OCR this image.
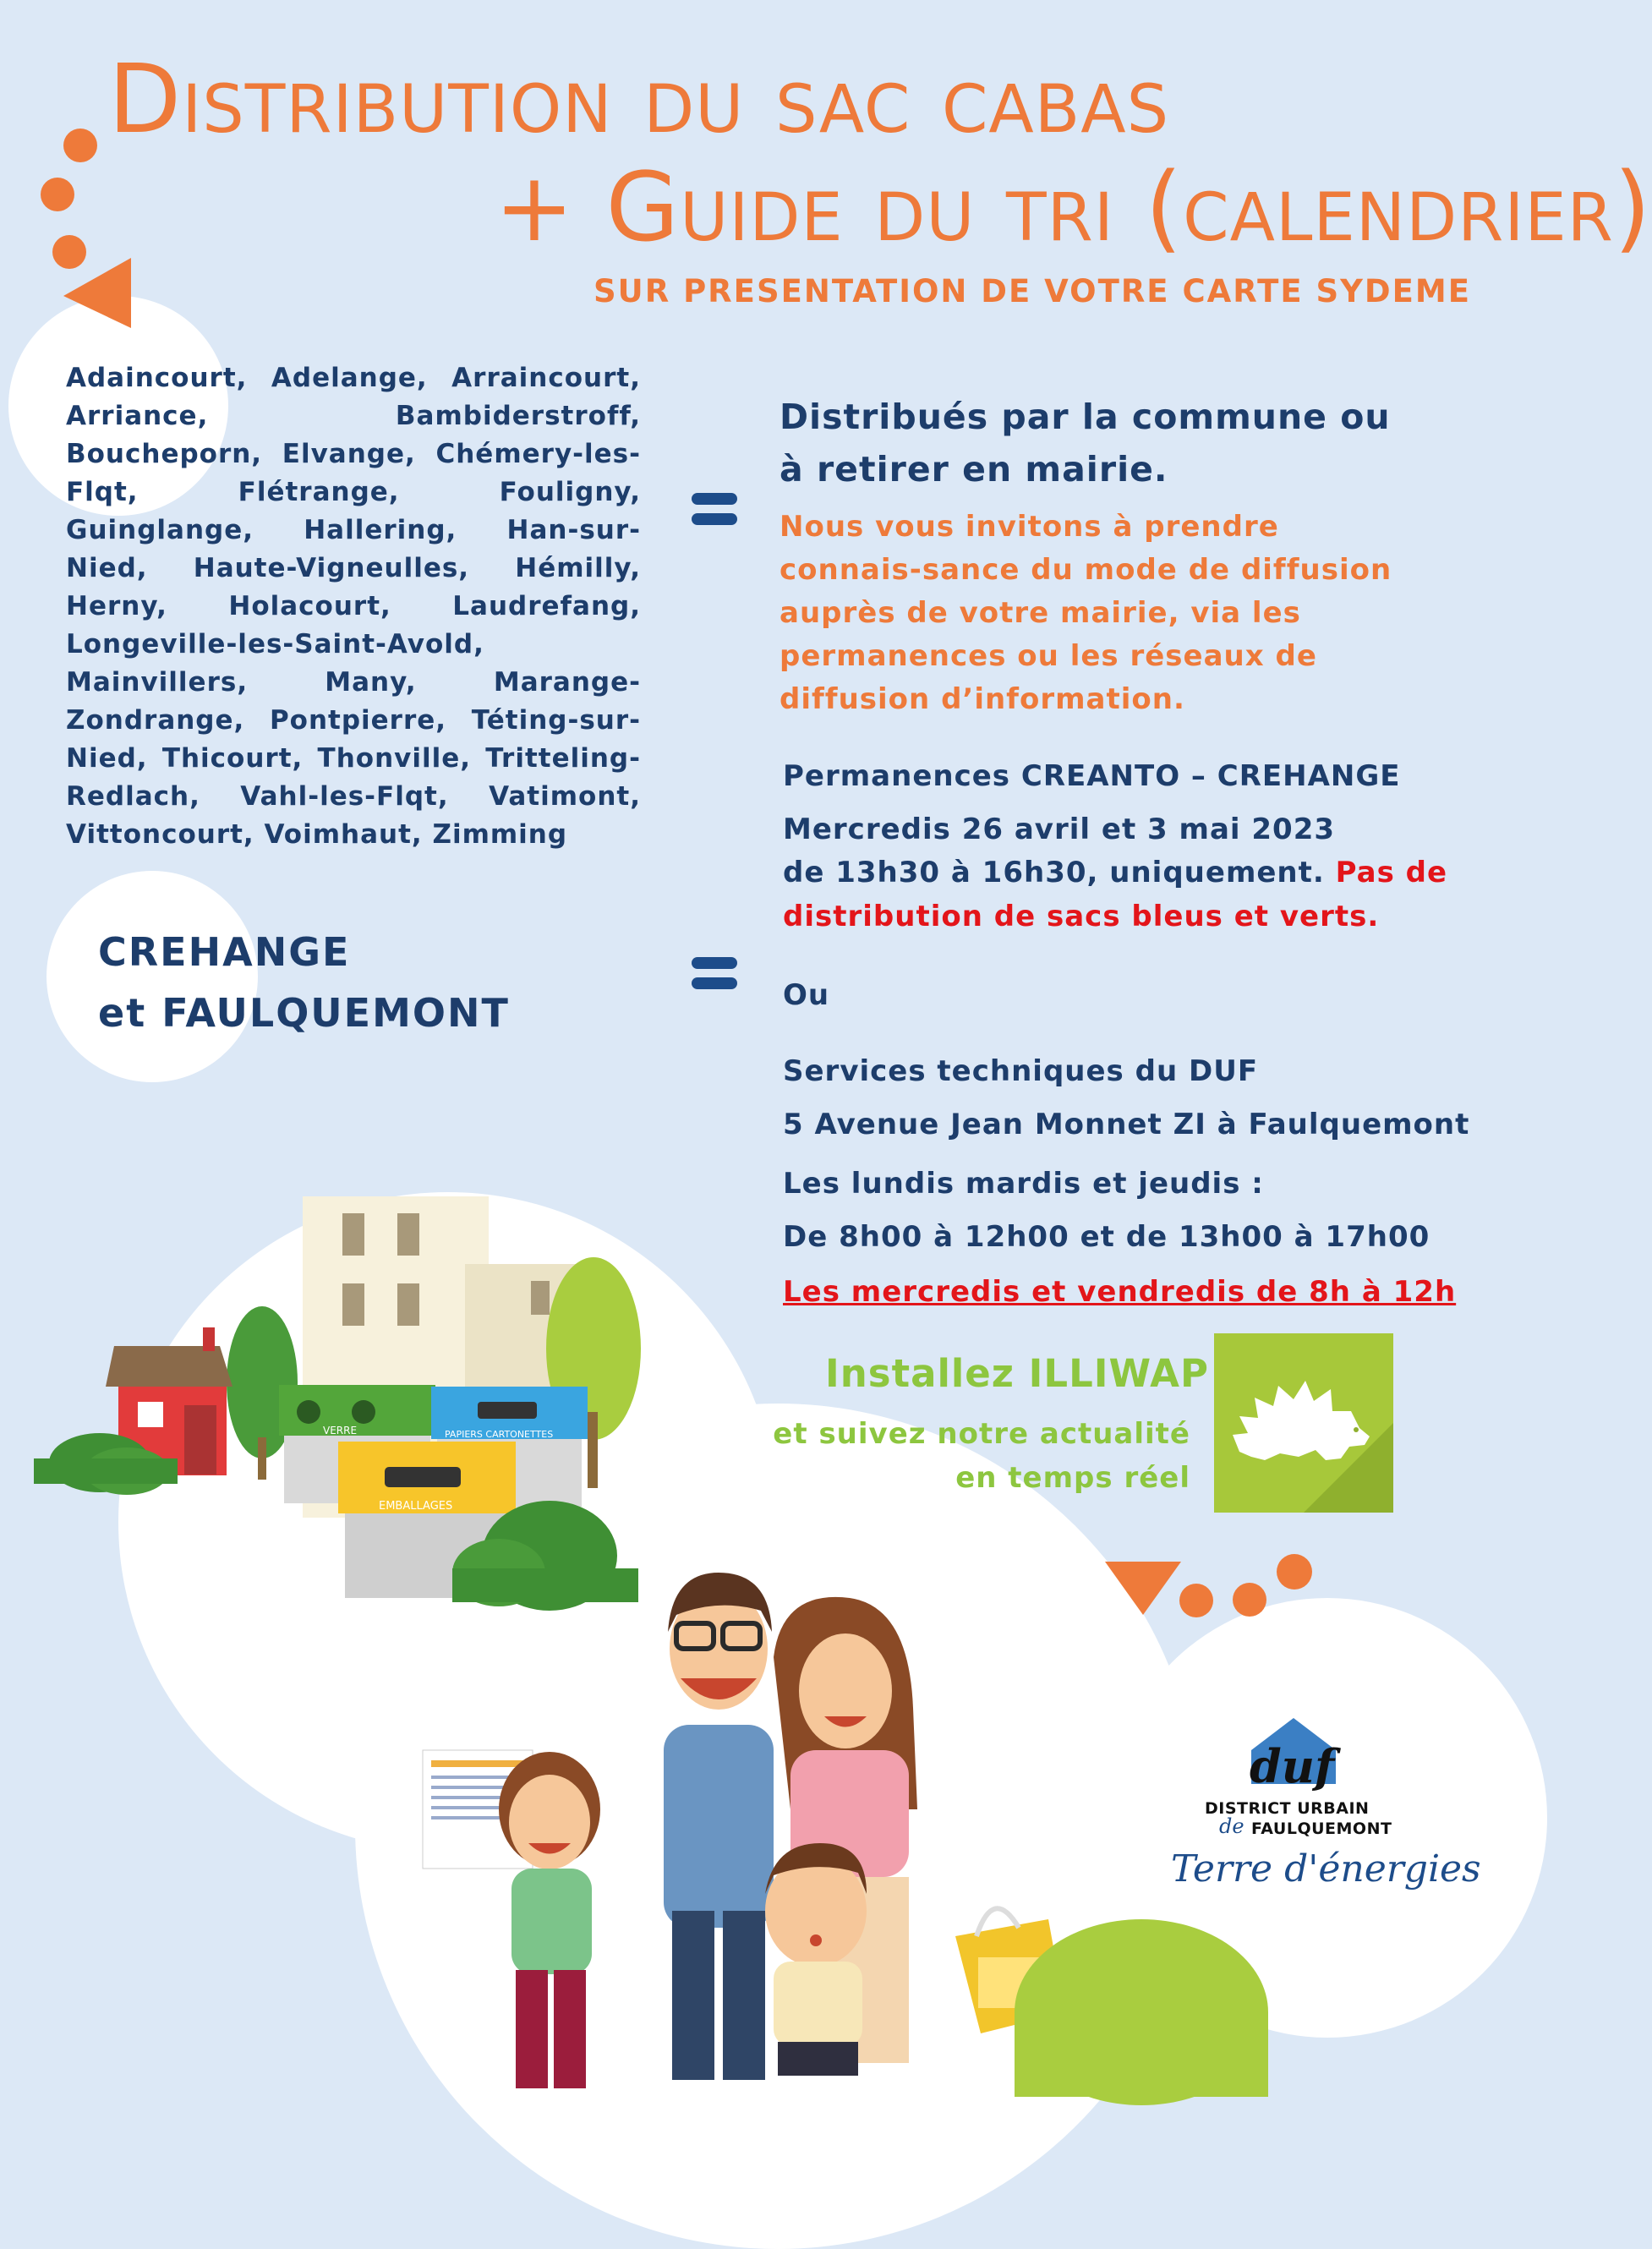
Distribution du sac cabas
+ Guide du tri (calendrier)
SUR PRESENTATION DE VOTRE CARTE SYDEME
Adaincourt, Adelange, Arraincourt, Arriance, Bambiderstroff, Boucheporn, Elvange, Chémery-les-Flqt, Flétrange, Fouligny, Guinglange, Hallering, Han-sur-Nied, Haute-Vigneulles, Hémilly, Herny, Holacourt, Laudrefang, Longeville-les-Saint-Avold, Mainvillers, Many, Marange-Zondrange, Pontpierre, Téting-sur-Nied, Thicourt, Thonville, Tritteling-Redlach, Vahl-les-Flqt, Vatimont, Vittoncourt, Voimhaut, Zimming
Distribués par la commune ou à retirer en mairie.
Nous vous invitons à prendre connais-sance du mode de diffusion auprès de votre mairie, via les permanences ou les réseaux de diffusion d’information.
CREHANGE
et FAULQUEMONT
Permanences CREANTO – CREHANGE
Mercredis 26 avril et 3 mai 2023
de 13h30 à 16h30, uniquement. Pas de
distribution de sacs bleus et verts.
Ou
Services techniques du DUF
5 Avenue Jean Monnet ZI à Faulquemont
Les lundis mardis et jeudis :
De 8h00 à 12h00 et de 13h00 à 17h00
Les mercredis et vendredis de 8h à 12h
Installez ILLIWAP
et suivez notre actualité
en temps réel
VERRE	PAPIERS CARTONETTES
EMBALLAGES
duf
DISTRICT URBAIN
de FAULQUEMONT
Terre d'énergies
